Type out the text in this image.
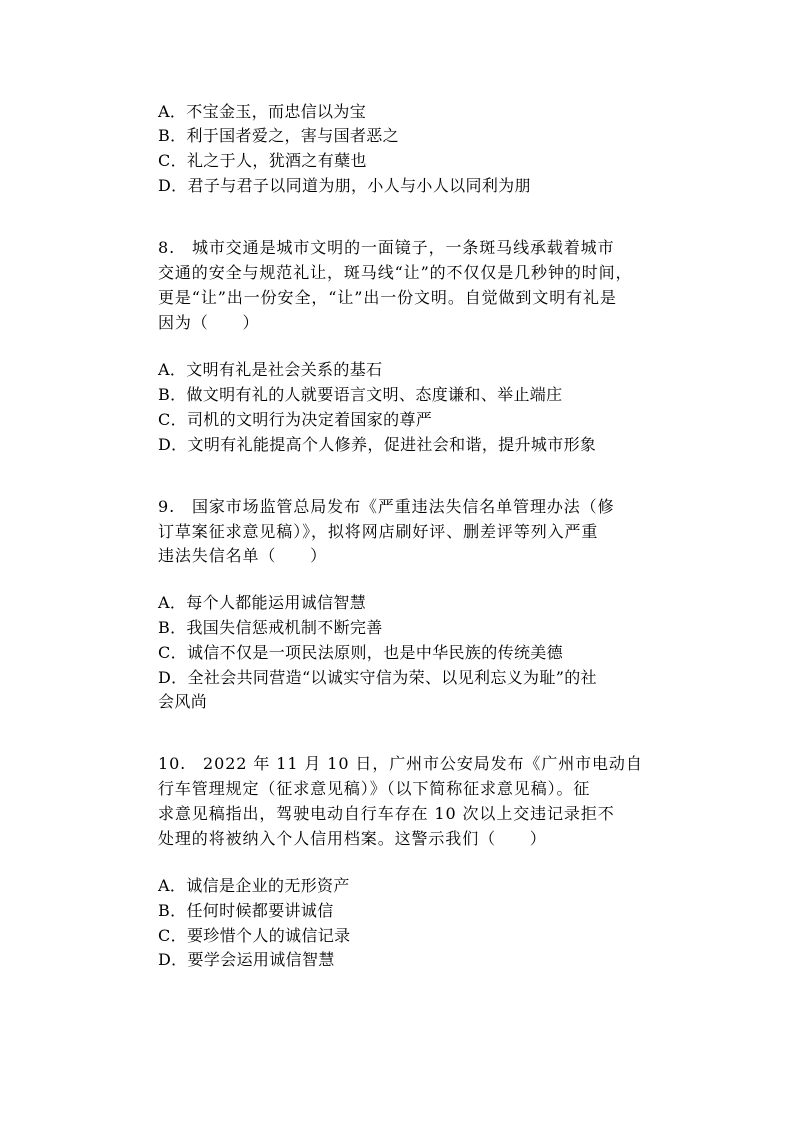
A．不宝金玉，而忠信以为宝
B．利于国者爱之，害与国者恶之
C．礼之于人，犹酒之有蘖也
D．君子与君子以同道为朋，小人与小人以同利为朋
8.　城市交通是城市文明的一面镜子，一条斑马线承载着城市
交通的安全与规范礼让，斑马线“让”的不仅仅是几秒钟的时间，
更是“让”出一份安全，“让”出一份文明。自觉做到文明有礼是
因为（　　）
A．文明有礼是社会关系的基石
B．做文明有礼的人就要语言文明、态度谦和、举止端庄
C．司机的文明行为决定着国家的尊严
D．文明有礼能提高个人修养，促进社会和谐，提升城市形象
9.　国家市场监管总局发布《严重违法失信名单管理办法（修
订草案征求意见稿）》，拟将网店刷好评、删差评等列入严重
违法失信名单（　　）
A．每个人都能运用诚信智慧
B．我国失信惩戒机制不断完善
C．诚信不仅是一项民法原则，也是中华民族的传统美德
D．全社会共同营造“以诚实守信为荣、以见利忘义为耻”的社
会风尚
10.　2022 年 11 月 10 日，广州市公安局发布《广州市电动自
行车管理规定（征求意见稿）》（以下简称征求意见稿）。征
求意见稿指出，驾驶电动自行车存在 10 次以上交违记录拒不
处理的将被纳入个人信用档案。这警示我们（　　）
A．诚信是企业的无形资产
B．任何时候都要讲诚信
C．要珍惜个人的诚信记录
D．要学会运用诚信智慧
